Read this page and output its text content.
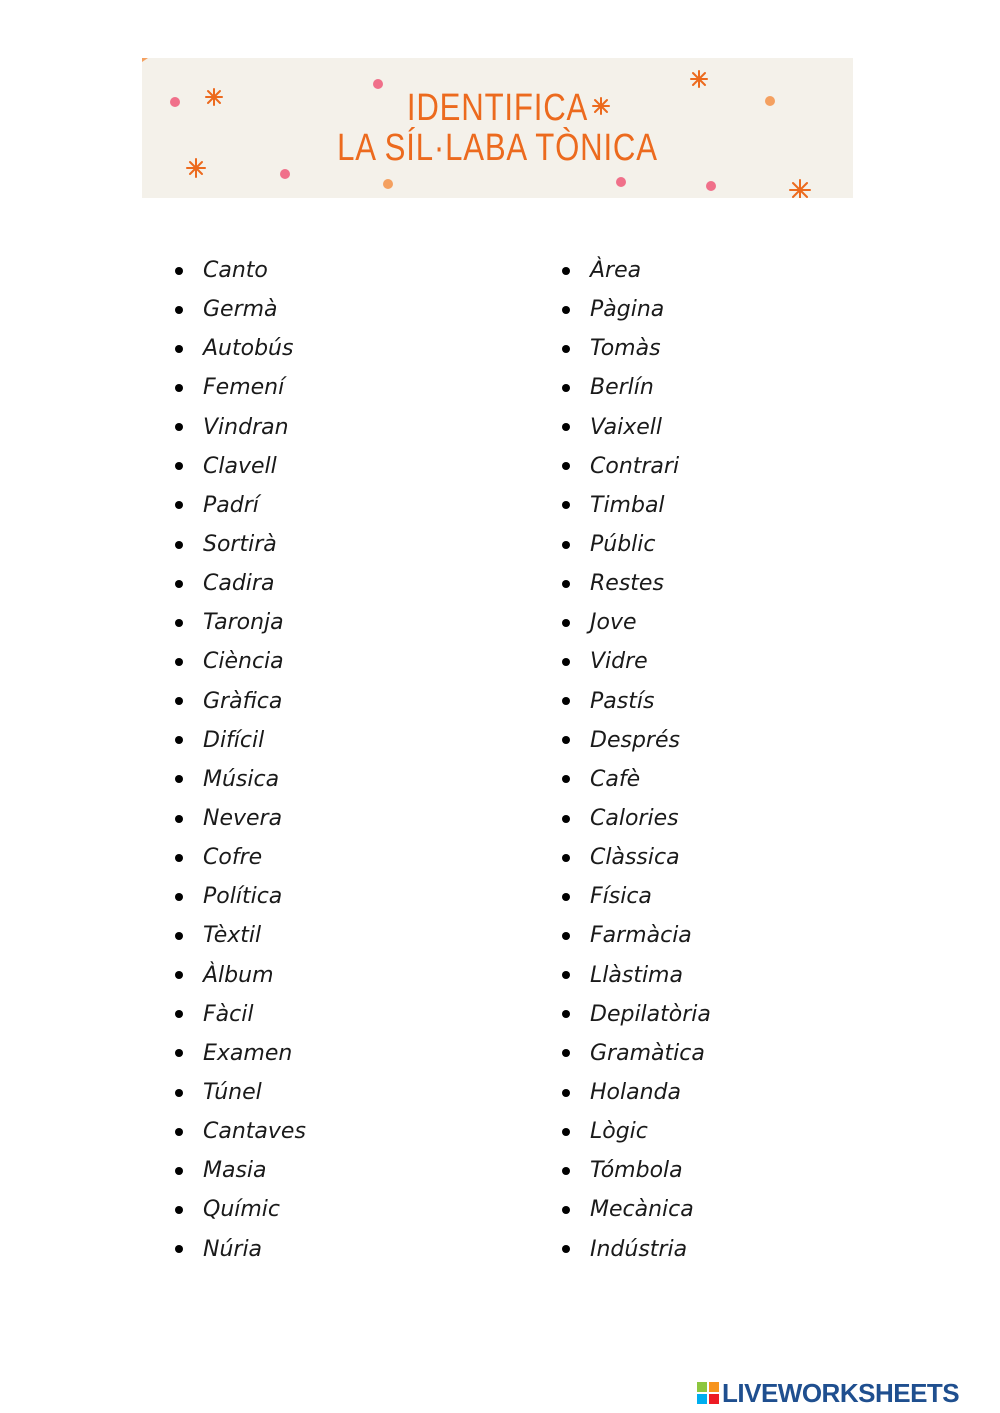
IDENTIFICA
LA SÍL·LABA TÒNICA
Canto
Germà
Autobús
Femení
Vindran
Clavell
Padrí
Sortirà
Cadira
Taronja
Ciència
Gràfica
Difícil
Música
Nevera
Cofre
Política
Tèxtil
Àlbum
Fàcil
Examen
Túnel
Cantaves
Masia
Químic
Núria
Àrea
Pàgina
Tomàs
Berlín
Vaixell
Contrari
Timbal
Públic
Restes
Jove
Vidre
Pastís
Després
Cafè
Calories
Clàssica
Física
Farmàcia
Llàstima
Depilatòria
Gramàtica
Holanda
Lògic
Tómbola
Mecànica
Indústria
LIVEWORKSHEETS
